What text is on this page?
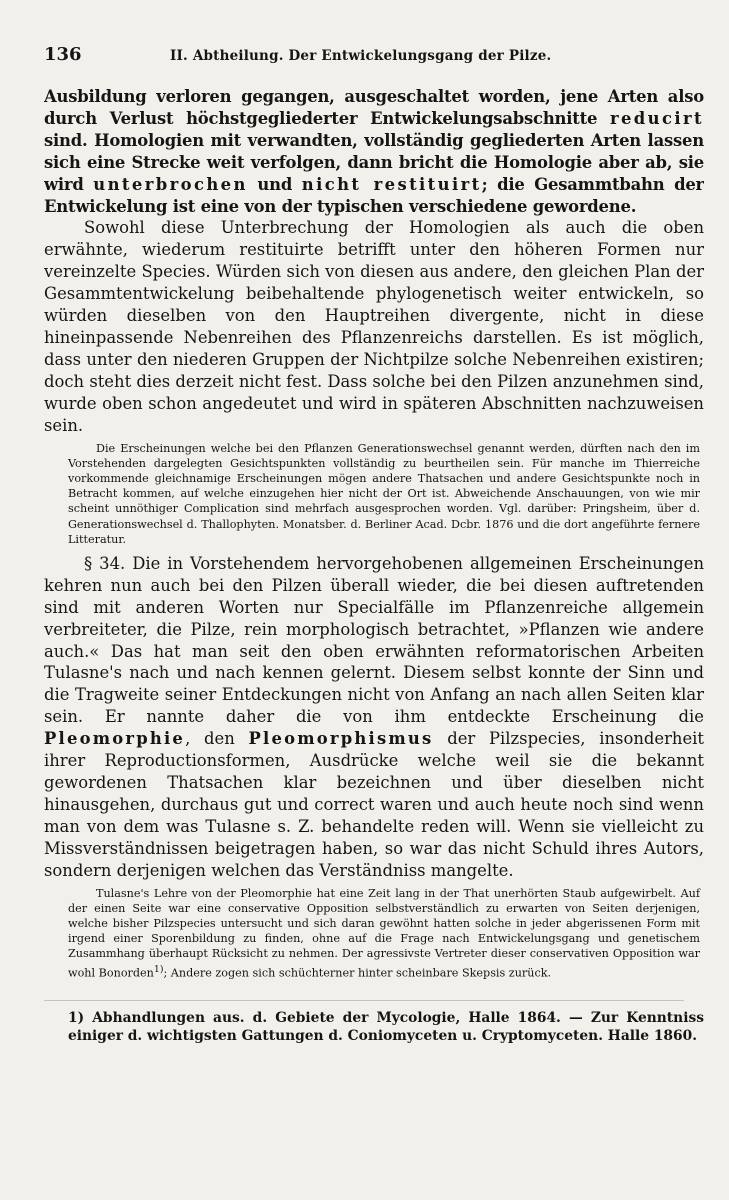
136	II. Abtheilung. Der Entwickelungsgang der Pilze.

Ausbildung verloren gegangen, ausgeschaltet worden, jene Arten also durch Verlust höchstgegliederter Entwickelungsabschnitte reducirt sind. Homologien mit verwandten, vollständig gegliederten Arten lassen sich eine Strecke weit verfolgen, dann bricht die Homologie aber ab, sie wird unterbrochen und nicht restituirt; die Gesammtbahn der Entwickelung ist eine von der typischen verschiedene gewordene.

Sowohl diese Unterbrechung der Homologien als auch die oben erwähnte, wiederum restituirte betrifft unter den höheren Formen nur vereinzelte Species. Würden sich von diesen aus andere, den gleichen Plan der Gesammtentwickelung beibehaltende phylogenetisch weiter entwickeln, so würden dieselben von den Hauptreihen divergente, nicht in diese hineinpassende Nebenreihen des Pflanzenreichs darstellen. Es ist möglich, dass unter den niederen Gruppen der Nichtpilze solche Nebenreihen existiren; doch steht dies derzeit nicht fest. Dass solche bei den Pilzen anzunehmen sind, wurde oben schon angedeutet und wird in späteren Abschnitten nachzuweisen sein.

Die Erscheinungen welche bei den Pflanzen Generationswechsel genannt werden, dürften nach den im Vorstehenden dargelegten Gesichtspunkten vollständig zu beurtheilen sein. Für manche im Thierreiche vorkommende gleichnamige Erscheinungen mögen andere Thatsachen und andere Gesichtspunkte noch in Betracht kommen, auf welche einzugehen hier nicht der Ort ist. Abweichende Anschauungen, von wie mir scheint unnöthiger Complication sind mehrfach ausgesprochen worden. Vgl. darüber: Pringsheim, über d. Generationswechsel d. Thallophyten. Monatsber. d. Berliner Acad. Dcbr. 1876 und die dort angeführte fernere Litteratur.

§ 34. Die in Vorstehendem hervorgehobenen allgemeinen Erscheinungen kehren nun auch bei den Pilzen überall wieder, die bei diesen auftretenden sind mit anderen Worten nur Specialfälle im Pflanzenreiche allgemein verbreiteter, die Pilze, rein morphologisch betrachtet, »Pflanzen wie andere auch.« Das hat man seit den oben erwähnten reformatorischen Arbeiten Tulasne's nach und nach kennen gelernt. Diesem selbst konnte der Sinn und die Tragweite seiner Entdeckungen nicht von Anfang an nach allen Seiten klar sein. Er nannte daher die von ihm entdeckte Erscheinung die Pleomorphie, den Pleomorphismus der Pilzspecies, insonderheit ihrer Reproductionsformen, Ausdrücke welche weil sie die bekannt gewordenen Thatsachen klar bezeichnen und über dieselben nicht hinausgehen, durchaus gut und correct waren und auch heute noch sind wenn man von dem was Tulasne s. Z. behandelte reden will. Wenn sie vielleicht zu Missverständnissen beigetragen haben, so war das nicht Schuld ihres Autors, sondern derjenigen welchen das Verständniss mangelte.

Tulasne's Lehre von der Pleomorphie hat eine Zeit lang in der That unerhörten Staub aufgewirbelt. Auf der einen Seite war eine conservative Opposition selbstverständlich zu erwarten von Seiten derjenigen, welche bisher Pilzspecies untersucht und sich daran gewöhnt hatten solche in jeder abgerissenen Form mit irgend einer Sporenbildung zu finden, ohne auf die Frage nach Entwickelungsgang und genetischem Zusammhang überhaupt Rücksicht zu nehmen. Der agressivste Vertreter dieser conservativen Opposition war wohl Bonorden$^{1)}$; Andere zogen sich schüchterner hinter scheinbare Skepsis zurück.
1) Abhandlungen aus. d. Gebiete der Mycologie, Halle 1864. — Zur Kenntniss einiger d. wichtigsten Gattungen d. Coniomyceten u. Cryptomyceten. Halle 1860.
